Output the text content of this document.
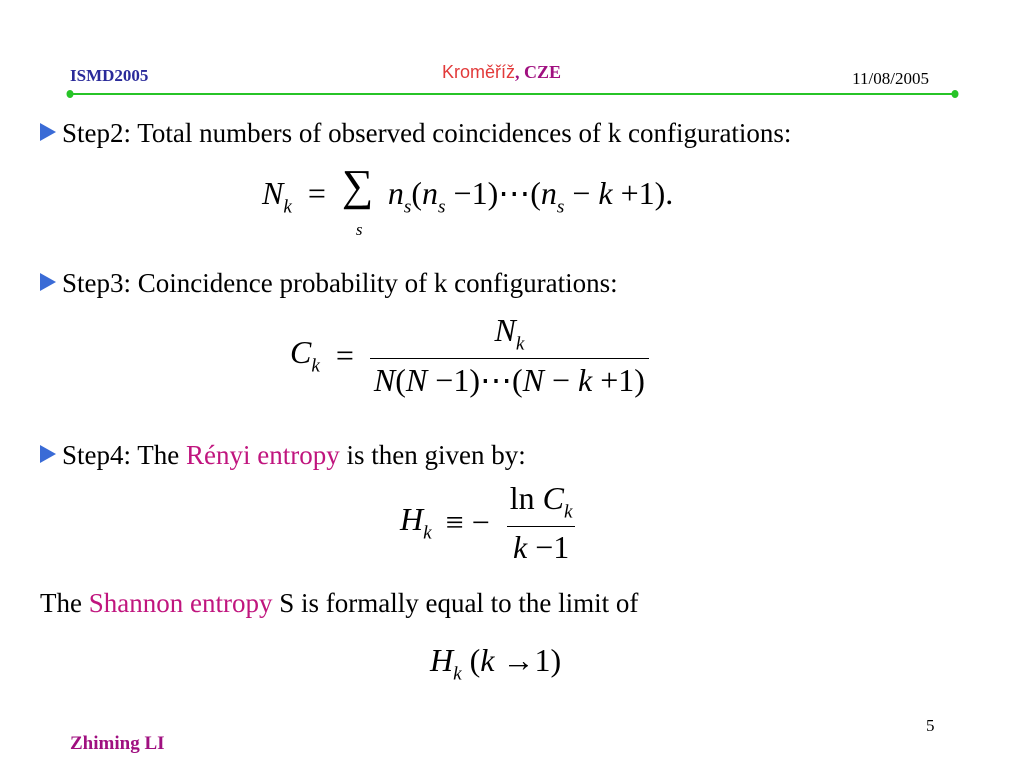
ISMD2005	Kroměříž, CZE	11/08/2005
Step2: Total numbers of observed coincidences of k configurations:
$N_k$ = ∑
s
$n_s(n_s$ $-1)\cdots(n_s - k +1)$.
Step3: Coincidence probability of k configurations:
$C_k = \frac{N_k}{N(N -1)\cdots(N - k +1)}$
Step4: The Rényi entropy is then given by:
$H_k$ ≡ − $\frac{\ln C_k}{k -1}$
The Shannon entropy S is formally equal to the limit of
$H_k$ (k →1)
Zhiming LI
5
